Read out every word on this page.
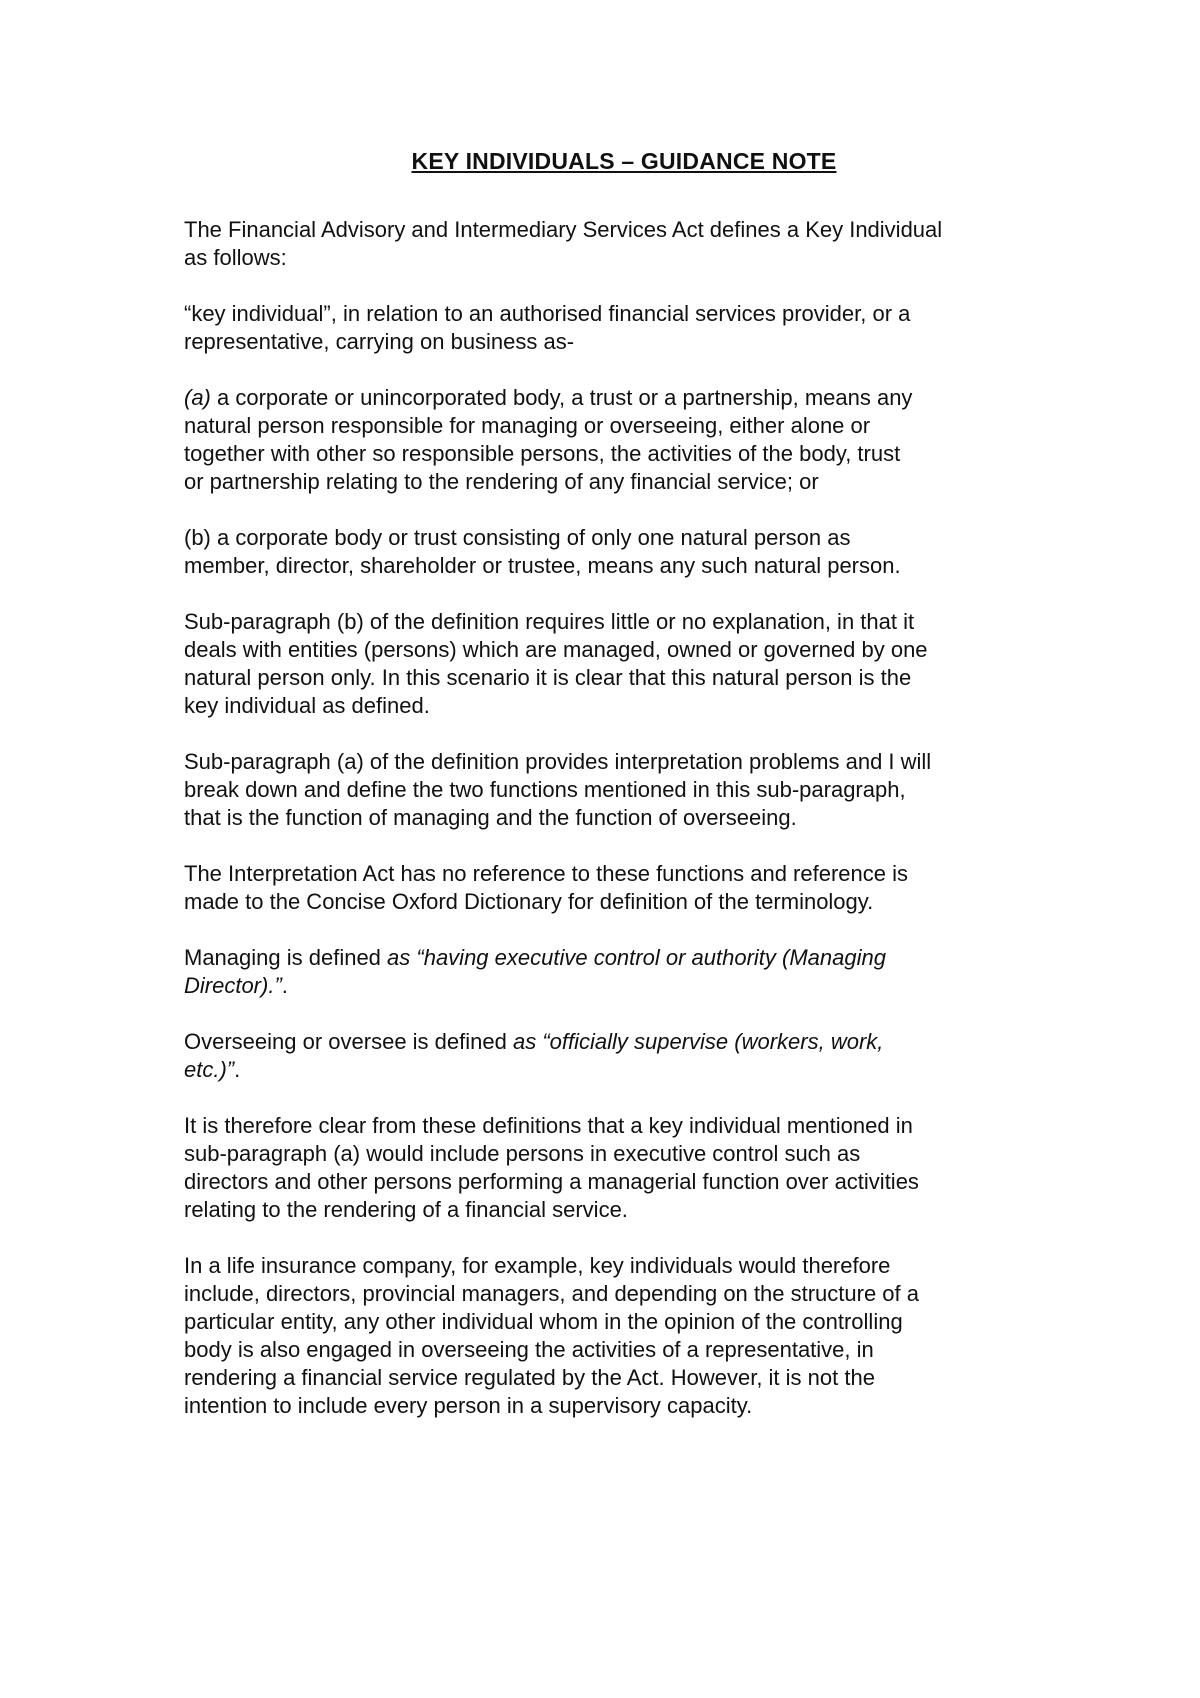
KEY INDIVIDUALS – GUIDANCE NOTE

The Financial Advisory and Intermediary Services Act defines a Key Individual
as follows:

“key individual”, in relation to an authorised financial services provider, or a
representative, carrying on business as-

(a) a corporate or unincorporated body, a trust or a partnership, means any
natural person responsible for managing or overseeing, either alone or
together with other so responsible persons, the activities of the body, trust
or partnership relating to the rendering of any financial service; or

(b) a corporate body or trust consisting of only one natural person as
member, director, shareholder or trustee, means any such natural person.

Sub-paragraph (b) of the definition requires little or no explanation, in that it
deals with entities (persons) which are managed, owned or governed by one
natural person only. In this scenario it is clear that this natural person is the
key individual as defined.

Sub-paragraph (a) of the definition provides interpretation problems and I will
break down and define the two functions mentioned in this sub-paragraph,
that is the function of managing and the function of overseeing.

The Interpretation Act has no reference to these functions and reference is
made to the Concise Oxford Dictionary for definition of the terminology.

Managing is defined as “having executive control or authority (Managing
Director).”.

Overseeing or oversee is defined as “officially supervise (workers, work,
etc.)”.

It is therefore clear from these definitions that a key individual mentioned in
sub-paragraph (a) would include persons in executive control such as
directors and other persons performing a managerial function over activities
relating to the rendering of a financial service.

In a life insurance company, for example, key individuals would therefore
include, directors, provincial managers, and depending on the structure of a
particular entity, any other individual whom in the opinion of the controlling
body is also engaged in overseeing the activities of a representative, in
rendering a financial service regulated by the Act. However, it is not the
intention to include every person in a supervisory capacity.
